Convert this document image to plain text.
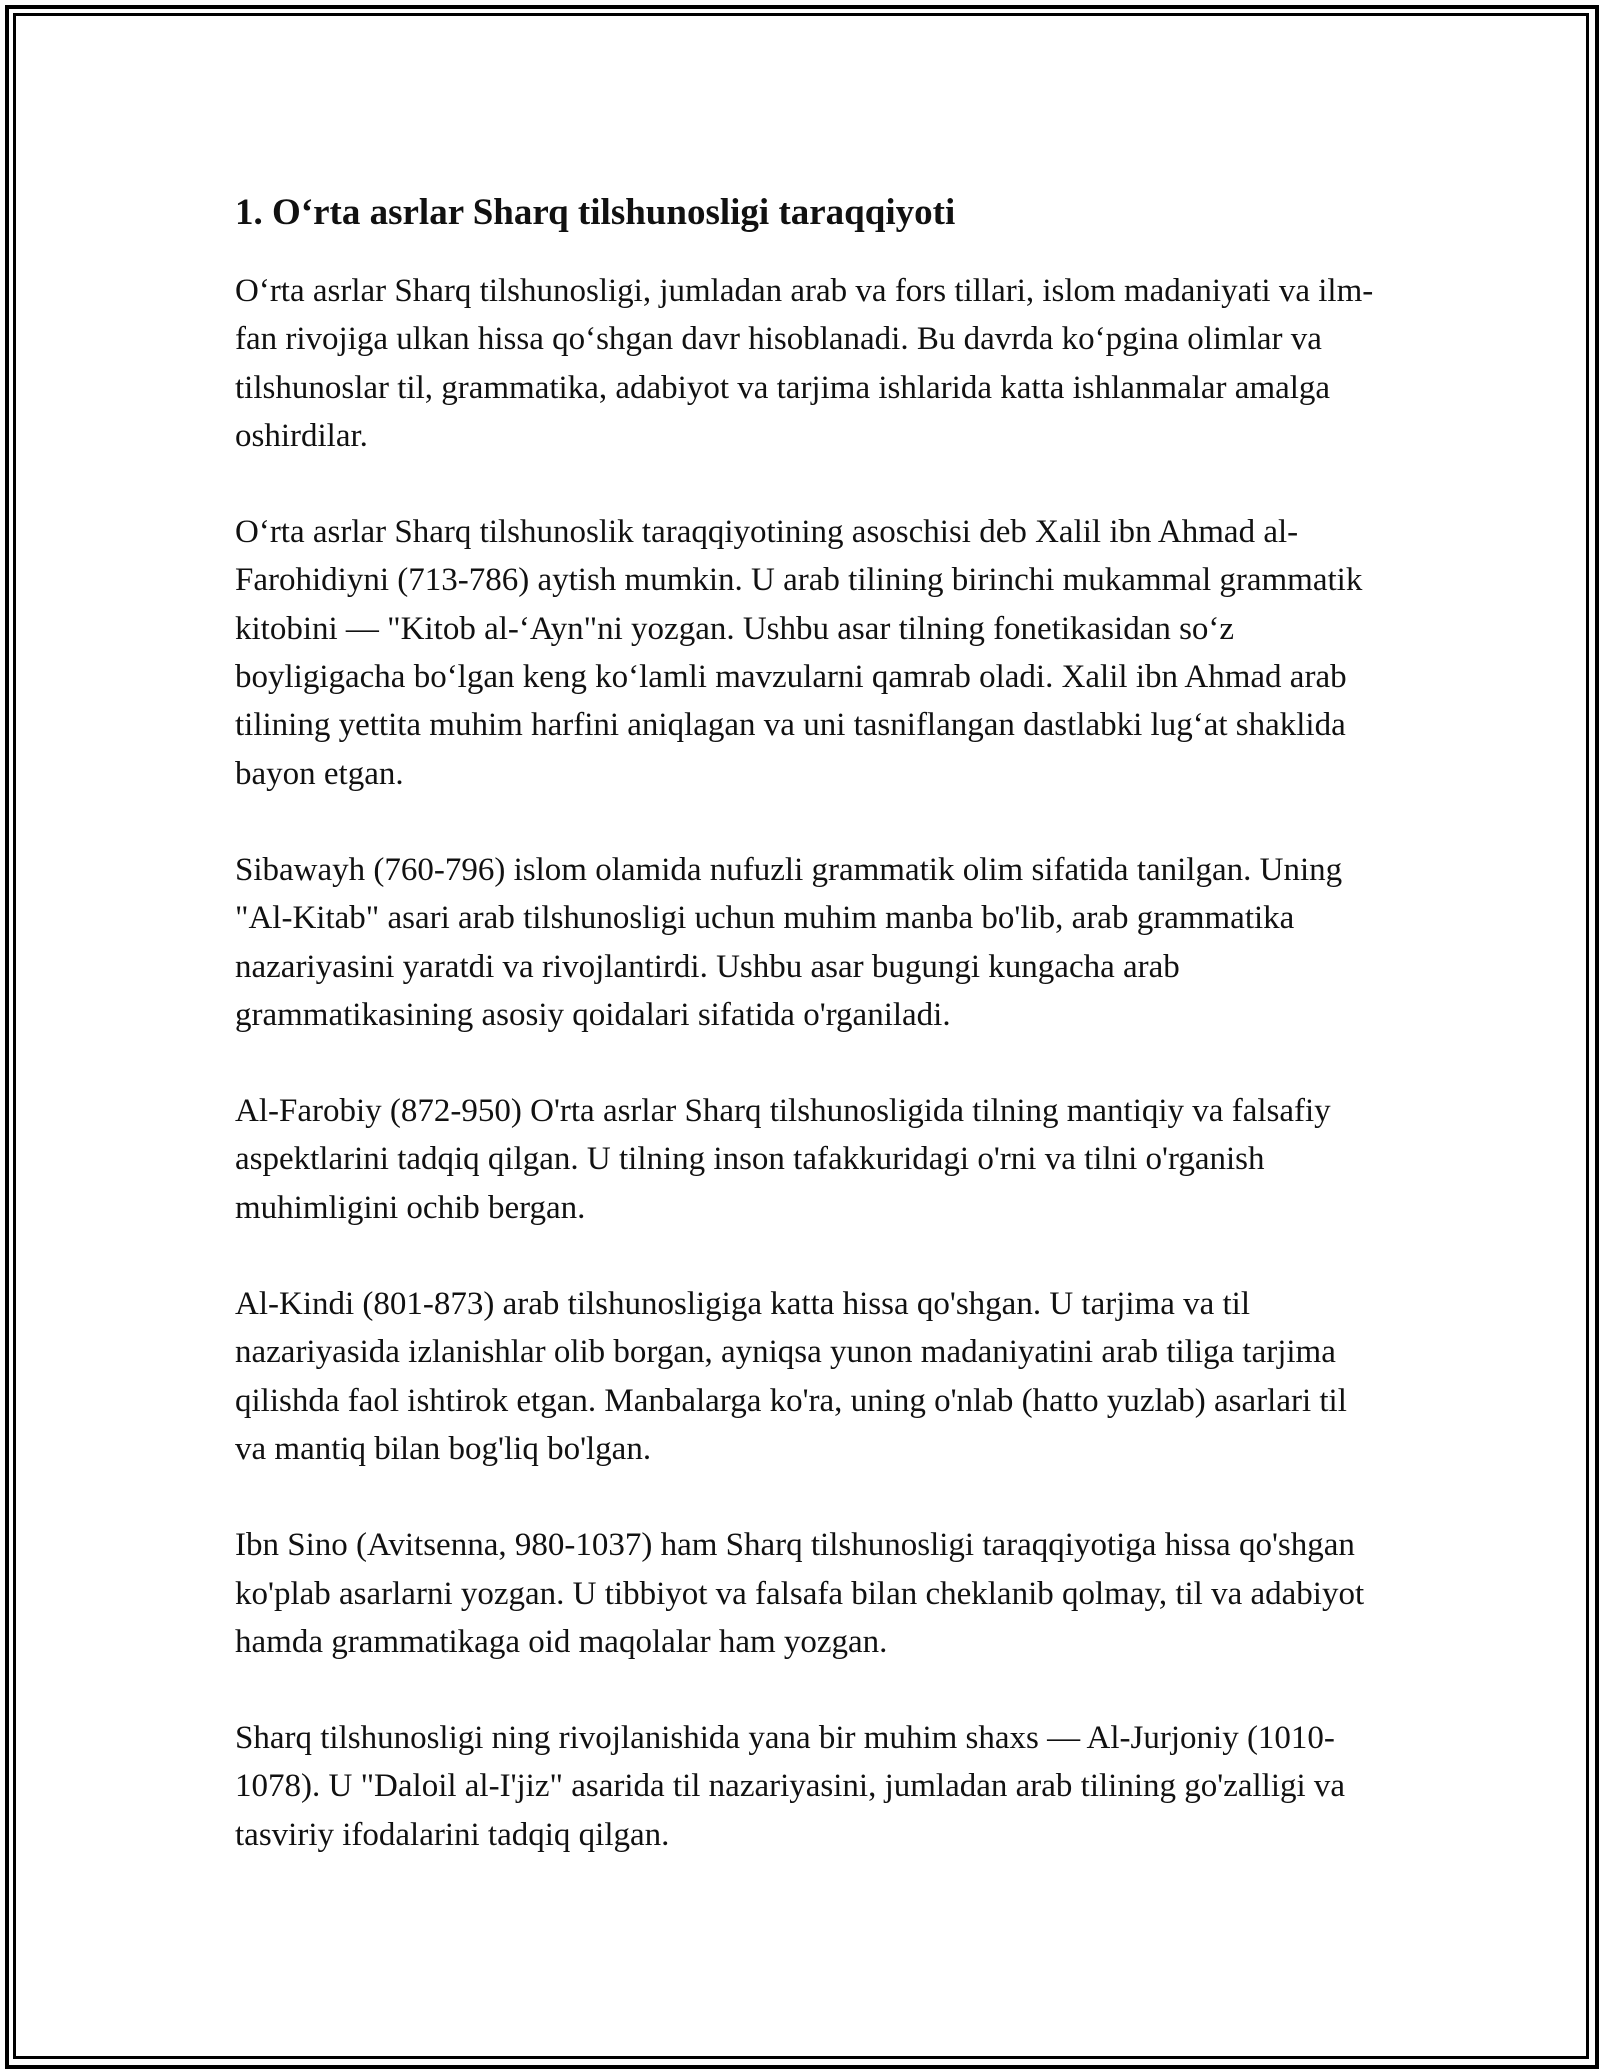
1. O‘rta asrlar Sharq tilshunosligi taraqqiyoti

O‘rta asrlar Sharq tilshunosligi, jumladan arab va fors tillari, islom madaniyati va ilm-fan rivojiga ulkan hissa qo‘shgan davr hisoblanadi. Bu davrda ko‘pgina olimlar va tilshunoslar til, grammatika, adabiyot va tarjima ishlarida katta ishlanmalar amalga oshirdilar.

O‘rta asrlar Sharq tilshunoslik taraqqiyotining asoschisi deb Xalil ibn Ahmad al-Farohidiyni (713-786) aytish mumkin. U arab tilining birinchi mukammal grammatik kitobini — "Kitob al-‘Ayn"ni yozgan. Ushbu asar tilning fonetikasidan so‘z boyligigacha bo‘lgan keng ko‘lamli mavzularni qamrab oladi. Xalil ibn Ahmad arab tilining yettita muhim harfini aniqlagan va uni tasniflangan dastlabki lug‘at shaklida bayon etgan.

Sibawayh (760-796) islom olamida nufuzli grammatik olim sifatida tanilgan. Uning "Al-Kitab" asari arab tilshunosligi uchun muhim manba bo'lib, arab grammatika nazariyasini yaratdi va rivojlantirdi. Ushbu asar bugungi kungacha arab grammatikasining asosiy qoidalari sifatida o'rganiladi.

Al-Farobiy (872-950) O'rta asrlar Sharq tilshunosligida tilning mantiqiy va falsafiy aspektlarini tadqiq qilgan. U tilning inson tafakkuridagi o'rni va tilni o'rganish muhimligini ochib bergan.

Al-Kindi (801-873) arab tilshunosligiga katta hissa qo'shgan. U tarjima va til nazariyasida izlanishlar olib borgan, ayniqsa yunon madaniyatini arab tiliga tarjima qilishda faol ishtirok etgan. Manbalarga ko'ra, uning o'nlab (hatto yuzlab) asarlari til va mantiq bilan bog'liq bo'lgan.

Ibn Sino (Avitsenna, 980-1037) ham Sharq tilshunosligi taraqqiyotiga hissa qo'shgan ko'plab asarlarni yozgan. U tibbiyot va falsafa bilan cheklanib qolmay, til va adabiyot hamda grammatikaga oid maqolalar ham yozgan.

Sharq tilshunosligi ning rivojlanishida yana bir muhim shaxs — Al-Jurjoniy (1010-1078). U "Daloil al-I'jiz" asarida til nazariyasini, jumladan arab tilining go'zalligi va tasviriy ifodalarini tadqiq qilgan.
